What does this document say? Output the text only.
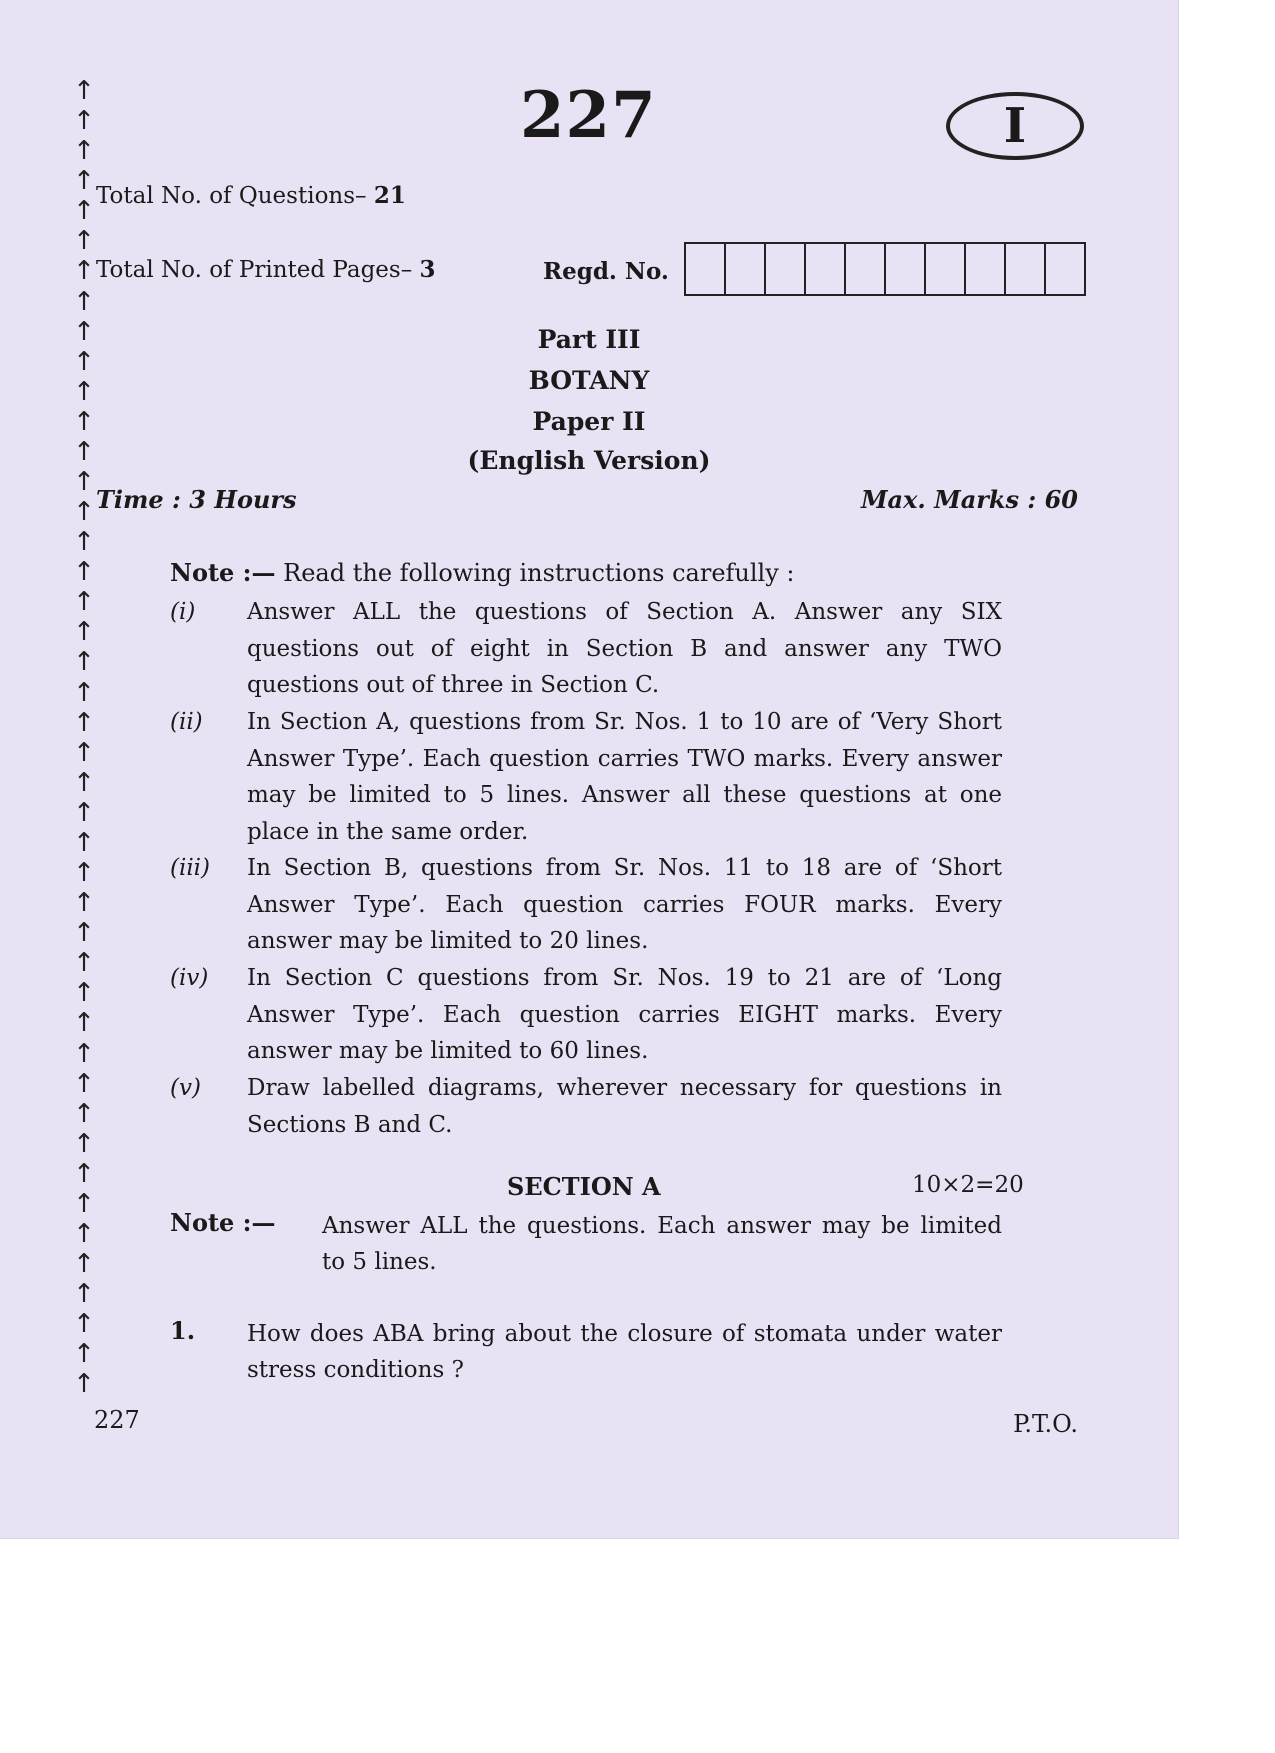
↑
↑
↑
↑
↑
↑
↑
↑
↑
↑
↑
↑
↑
↑
↑
↑
↑
↑
↑
↑
↑
↑
↑
↑
↑
↑
↑
↑
↑
↑
↑
↑
↑
↑
↑
↑
↑
↑
↑
↑
↑
↑
↑
↑
227	I
Total No. of Questions– 21
Total No. of Printed Pages– 3	Regd. No.
Part III
BOTANY
Paper II
(English Version)
Time : 3 Hours	Max. Marks : 60
Note :— Read the following instructions carefully :
(i) Answer ALL the questions of Section A. Answer any SIX questions out of eight in Section B and answer any TWO questions out of three in Section C.
(ii) In Section A, questions from Sr. Nos. 1 to 10 are of ‘Very Short Answer Type’. Each question carries TWO marks. Every answer may be limited to 5 lines. Answer all these questions at one place in the same order.
(iii) In Section B, questions from Sr. Nos. 11 to 18 are of ‘Short Answer Type’. Each question carries FOUR marks. Every answer may be limited to 20 lines.
(iv) In Section C questions from Sr. Nos. 19 to 21 are of ‘Long Answer Type’. Each question carries EIGHT marks. Every answer may be limited to 60 lines.
(v) Draw labelled diagrams, wherever necessary for questions in Sections B and C.
SECTION A	10×2=20
Note :— Answer ALL the questions. Each answer may be limited to 5 lines.
1. How does ABA bring about the closure of stomata under water stress conditions ?
227	P.T.O.
